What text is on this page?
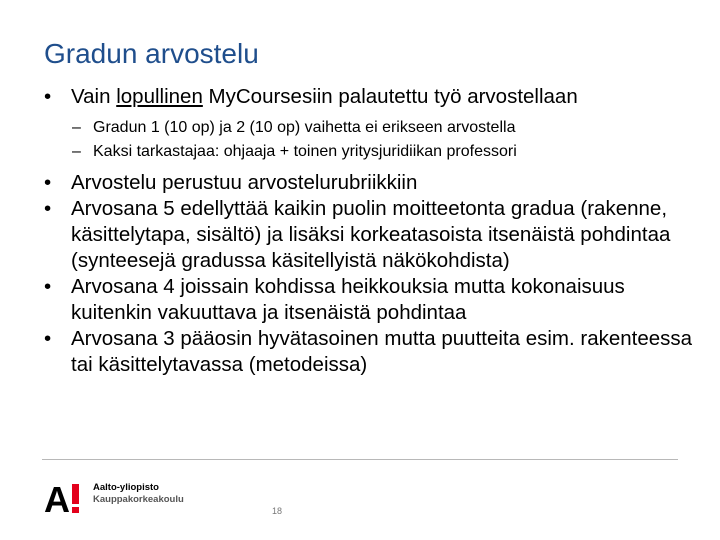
Gradun arvostelu
• Vain lopullinen MyCoursesiin palautettu työ arvostellaan
– Gradun 1 (10 op) ja 2 (10 op) vaihetta ei erikseen arvostella
– Kaksi tarkastajaa: ohjaaja + toinen yritysjuridiikan professori
• Arvostelu perustuu arvostelurubriikkiin
• Arvosana 5 edellyttää kaikin puolin moitteetonta gradua (rakenne, käsittelytapa, sisältö) ja lisäksi korkeatasoista itsenäistä pohdintaa (synteesejä gradussa käsitellyistä näkökohdista)
• Arvosana 4 joissain kohdissa heikkouksia mutta kokonaisuus kuitenkin vakuuttava ja itsenäistä pohdintaa
• Arvosana 3 pääosin hyvätasoinen mutta puutteita esim. rakenteessa tai käsittelytavassa (metodeissa)
A Aalto-yliopisto
Kauppakorkeakoulu
18
